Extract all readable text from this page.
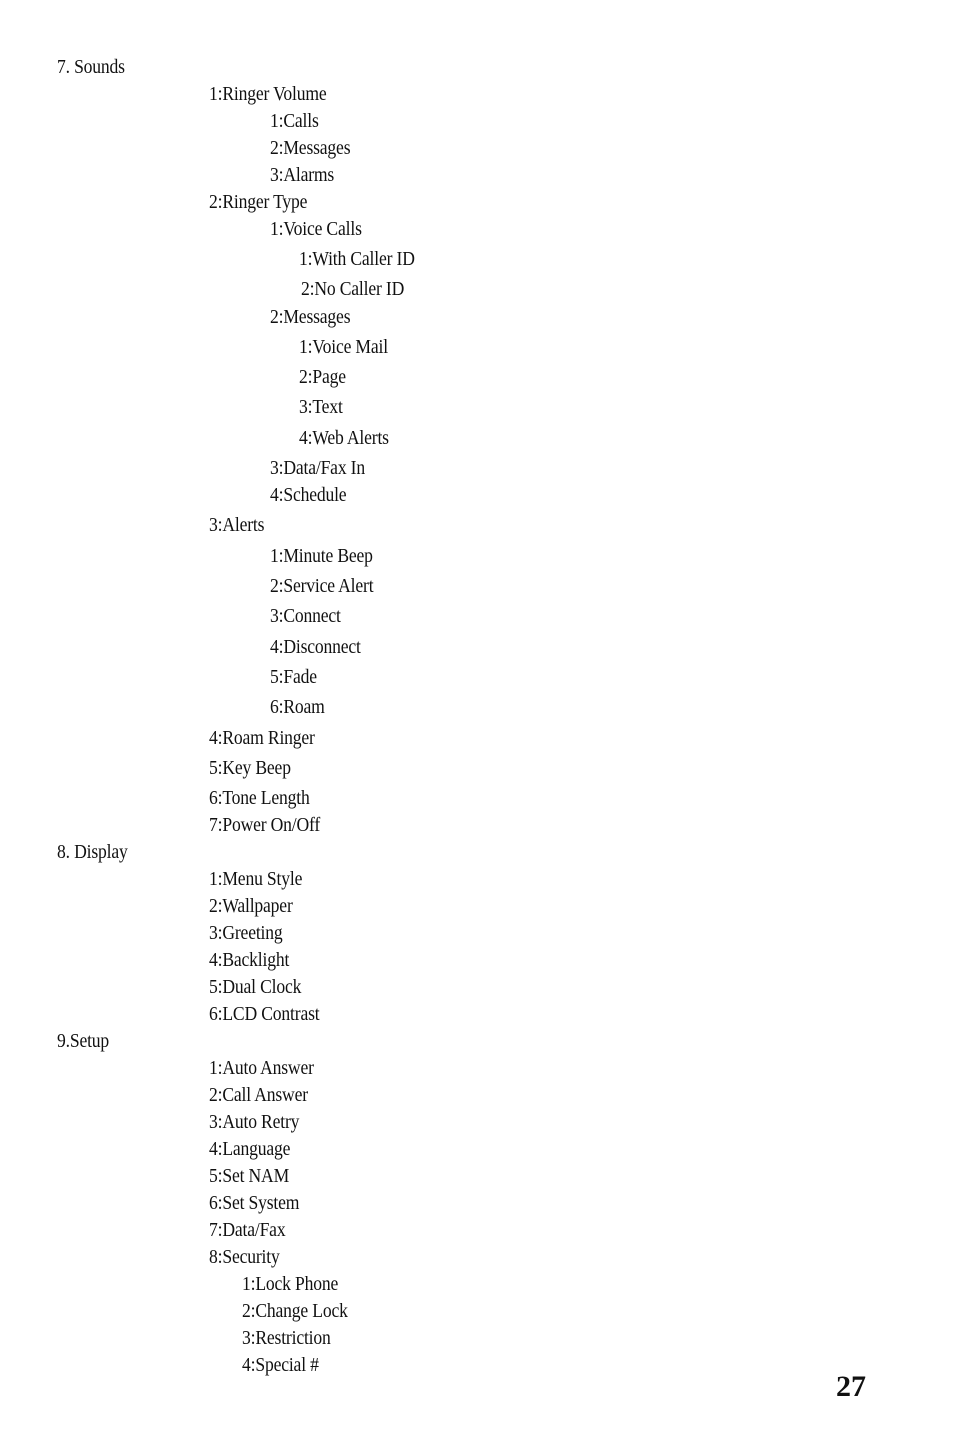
7. Sounds
1:Ringer Volume
1:Calls
2:Messages
3:Alarms
2:Ringer Type
1:Voice Calls
1:With Caller ID
2:No Caller ID
2:Messages
1:Voice Mail
2:Page
3:Text
4:Web Alerts
3:Data/Fax In
4:Schedule
3:Alerts
1:Minute Beep
2:Service Alert
3:Connect
4:Disconnect
5:Fade
6:Roam
4:Roam Ringer
5:Key Beep
6:Tone Length
7:Power On/Off
8. Display
1:Menu Style
2:Wallpaper
3:Greeting
4:Backlight
5:Dual Clock
6:LCD Contrast
9.Setup
1:Auto Answer
2:Call Answer
3:Auto Retry
4:Language
5:Set NAM
6:Set System
7:Data/Fax
8:Security
1:Lock Phone
2:Change Lock
3:Restriction
4:Special #
27
